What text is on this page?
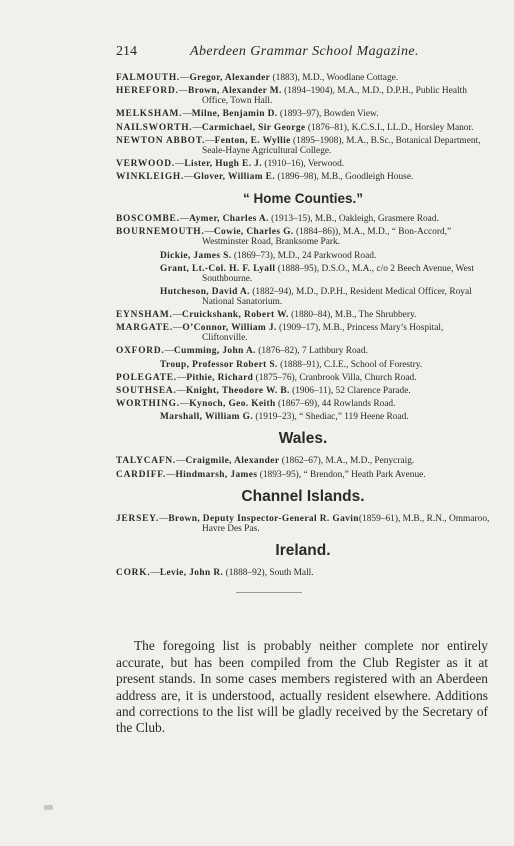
214	Aberdeen Grammar School Magazine.
FALMOUTH.—Gregor, Alexander (1883), M.D., Woodlane Cottage.
HEREFORD.—Brown, Alexander M. (1894–1904), M.A., M.D., D.P.H., Public Health Office, Town Hall.
MELKSHAM.—Milne, Benjamin D. (1893–97), Bowden View.
NAILSWORTH.—Carmichael, Sir George (1876–81), K.C.S.I., LL.D., Horsley Manor.
NEWTON ABBOT.—Fenton, E. Wyllie (1895–1908), M.A., B.Sc., Botanical Department, Seale-Hayne Agricultural College.
VERWOOD.—Lister, Hugh E. J. (1910–16), Verwood.
WINKLEIGH.—Glover, William E. (1896–98), M.B., Goodleigh House.
“ Home Counties.”
BOSCOMBE.—Aymer, Charles A. (1913–15), M.B., Oakleigh, Grasmere Road.
BOURNEMOUTH.—Cowie, Charles G. (1884–86)), M.A., M.D., “ Bon-Accord,” Westminster Road, Branksome Park.
Dickie, James S. (1869–73), M.D., 24 Parkwood Road.
Grant, Lt.-Col. H. F. Lyall (1888–95), D.S.O., M.A., c/o 2 Beech Avenue, West Southbourne.
Hutcheson, David A. (1882–94), M.D., D.P.H., Resident Medical Officer, Royal National Sanatorium.
EYNSHAM.—Cruickshank, Robert W. (1880–84), M.B., The Shrubbery.
MARGATE.—O’Connor, William J. (1909–17), M.B., Princess Mary’s Hospital, Cliftonville.
OXFORD.—Cumming, John A. (1876–82), 7 Lathbury Road.
Troup, Professor Robert S. (1888–91), C.I.E., School of Forestry.
POLEGATE.—Pithie, Richard (1875–76), Cranbrook Villa, Church Road.
SOUTHSEA.—Knight, Theodore W. B. (1906–11), 52 Clarence Parade.
WORTHING.—Kynoch, Geo. Keith (1867–69), 44 Rowlands Road.
Marshall, William G. (1919–23), “ Shediac,” 119 Heene Road.
Wales.
TALYCAFN.—Craigmile, Alexander (1862–67), M.A., M.D., Penycraig.
CARDIFF.—Hindmarsh, James (1893–95), “ Brendon,” Heath Park Avenue.
Channel Islands.
JERSEY.—Brown, Deputy Inspector-General R. Gavin(1859–61), M.B., R.N., Ommaroo, Havre Des Pas.
Ireland.
CORK.—Levie, John R. (1888–92), South Mall.

The foregoing list is probably neither complete nor entirely accurate, but has been compiled from the Club Register as it at present stands. In some cases members registered with an Aberdeen address are, it is understood, actually resident elsewhere. Additions and corrections to the list will be gladly received by the Secretary of the Club.
